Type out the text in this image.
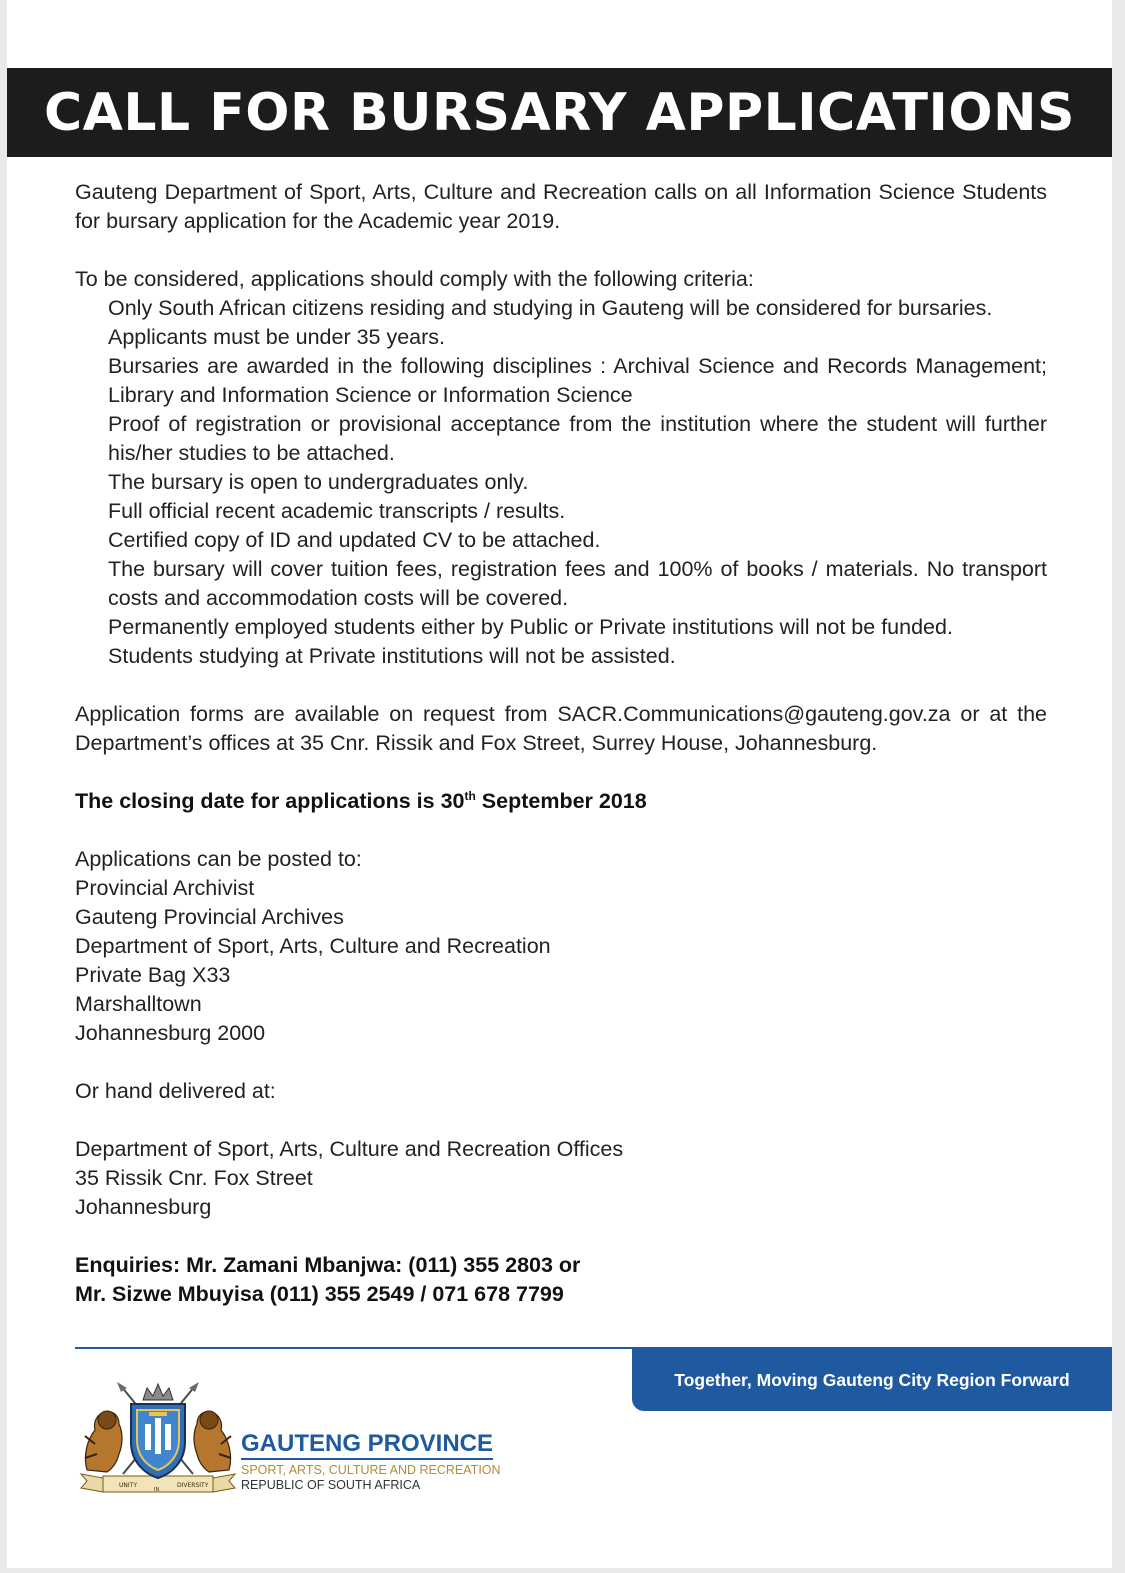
CALL FOR BURSARY APPLICATIONS

Gauteng Department of Sport, Arts, Culture and Recreation calls on all Information Science Students for bursary application for the Academic year 2019.

To be considered, applications should comply with the following criteria:

Only South African citizens residing and studying in Gauteng will be considered for bursaries.
Applicants must be under 35 years.
Bursaries are awarded in the following disciplines : Archival Science and Records Management; Library and Information Science or Information Science
Proof of registration or provisional acceptance from the institution where the student will further his/her studies to be attached.
The bursary is open to undergraduates only.
Full official recent academic transcripts / results.
Certified copy of ID and updated CV to be attached.
The bursary will cover tuition fees, registration fees and 100% of books / materials. No transport costs and accommodation costs will be covered.
Permanently employed students either by Public or Private institutions will not be funded.
Students studying at Private institutions will not be assisted.

Application forms are available on request from SACR.Communications@gauteng.gov.za or at the Department’s offices at 35 Cnr. Rissik and Fox Street, Surrey House, Johannesburg.

The closing date for applications is 30th September 2018

Applications can be posted to:

Provincial Archivist

Gauteng Provincial Archives

Department of Sport, Arts, Culture and Recreation

Private Bag X33

Marshalltown

Johannesburg 2000

Or hand delivered at:

Department of Sport, Arts, Culture and Recreation Offices

35 Rissik Cnr. Fox Street

Johannesburg

Enquiries: Mr. Zamani Mbanjwa: (011) 355 2803 or

Mr. Sizwe Mbuyisa (011) 355 2549 / 071 678 7799

Together, Moving Gauteng City Region Forward
UNITY
IN
DIVERSITY
GAUTENG PROVINCE
SPORT, ARTS, CULTURE AND RECREATION
REPUBLIC OF SOUTH AFRICA
